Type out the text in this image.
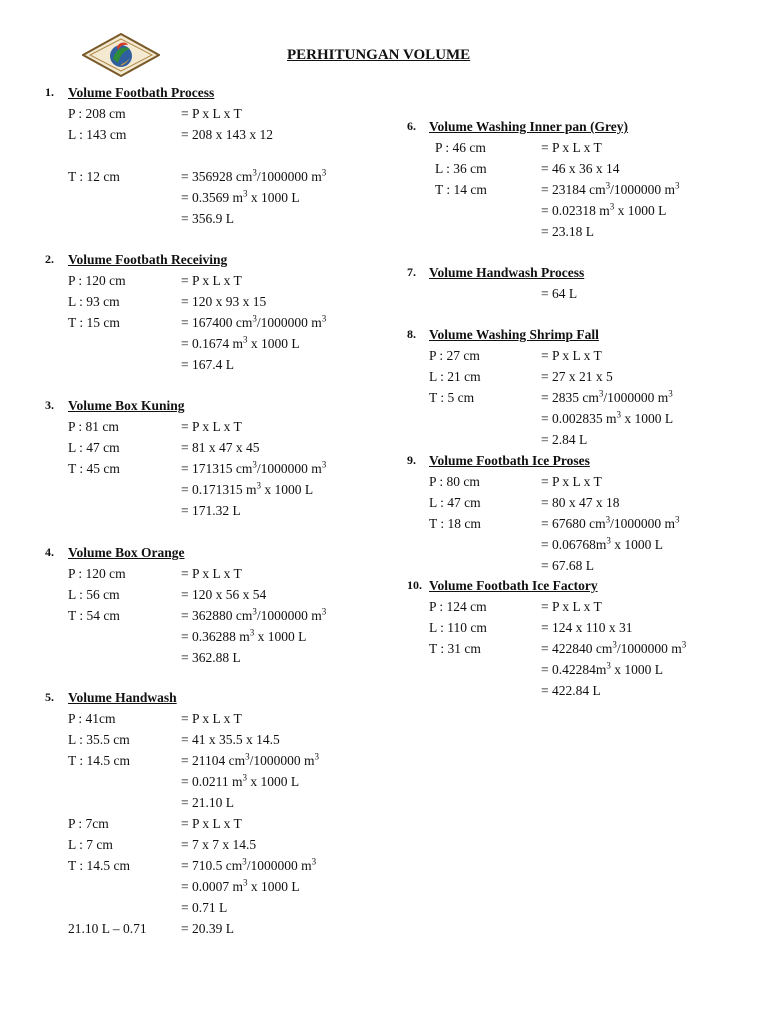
PERHITUNGAN VOLUME
1. Volume Footbath Process
P : 208 cm	= P x L x T
L : 143 cm	= 208 x 143 x 12
T : 12 cm	= 356928 $cm^3/1000000$ $m^3$
= 0.3569 $m^3$ x 1000 L
= 356.9 L
2. Volume Footbath Receiving
P : 120 cm	= P x L x T
L : 93 cm	= 120 x 93 x 15
T : 15 cm	= 167400 $cm^3/1000000$ $m^3$
= 0.1674 $m^3$ x 1000 L
= 167.4 L
3. Volume Box Kuning
P : 81 cm	= P x L x T
L : 47 cm	= 81 x 47 x 45
T : 45 cm	= 171315 $cm^3/1000000$ $m^3$
= 0.171315 $m^3$ x 1000 L
= 171.32 L
4. Volume Box Orange
P : 120 cm	= P x L x T
L : 56 cm	= 120 x 56 x 54
T : 54 cm	= 362880 $cm^3/1000000$ $m^3$
= 0.36288 $m^3$ x 1000 L
= 362.88 L
5. Volume Handwash
P : 41cm	= P x L x T
L : 35.5 cm	= 41 x 35.5 x 14.5
T : 14.5 cm	= 21104 $cm^3/1000000$ $m^3$
= 0.0211 $m^3$ x 1000 L
= 21.10 L
P : 7cm	= P x L x T
L : 7 cm	= 7 x 7 x 14.5
T : 14.5 cm	= 710.5 $cm^3/1000000$ $m^3$
= 0.0007 $m^3$ x 1000 L
= 0.71 L
21.10 L – 0.71	= 20.39 L
6. Volume Washing Inner pan (Grey)
P : 46 cm	= P x L x T
L : 36 cm	= 46 x 36 x 14
T : 14 cm	= 23184 $cm^3/1000000$ $m^3$
= 0.02318 $m^3$ x 1000 L
= 23.18 L
7. Volume Handwash Process
= 64 L
8. Volume Washing Shrimp Fall
P : 27 cm	= P x L x T
L : 21 cm	= 27 x 21 x 5
T : 5 cm	= 2835 $cm^3/1000000$ $m^3$
= 0.002835 $m^3$ x 1000 L
= 2.84 L
9. Volume Footbath Ice Proses
P : 80 cm	= P x L x T
L : 47 cm	= 80 x 47 x 18
T : 18 cm	= 67680 $cm^3/1000000$ $m^3$
= $0.06768m^3$ x 1000 L
= 67.68 L
10. Volume Footbath Ice Factory
P : 124 cm	= P x L x T
L : 110 cm	= 124 x 110 x 31
T : 31 cm	= 422840 $cm^3/1000000$ $m^3$
= $0.42284m^3$ x 1000 L
= 422.84 L
